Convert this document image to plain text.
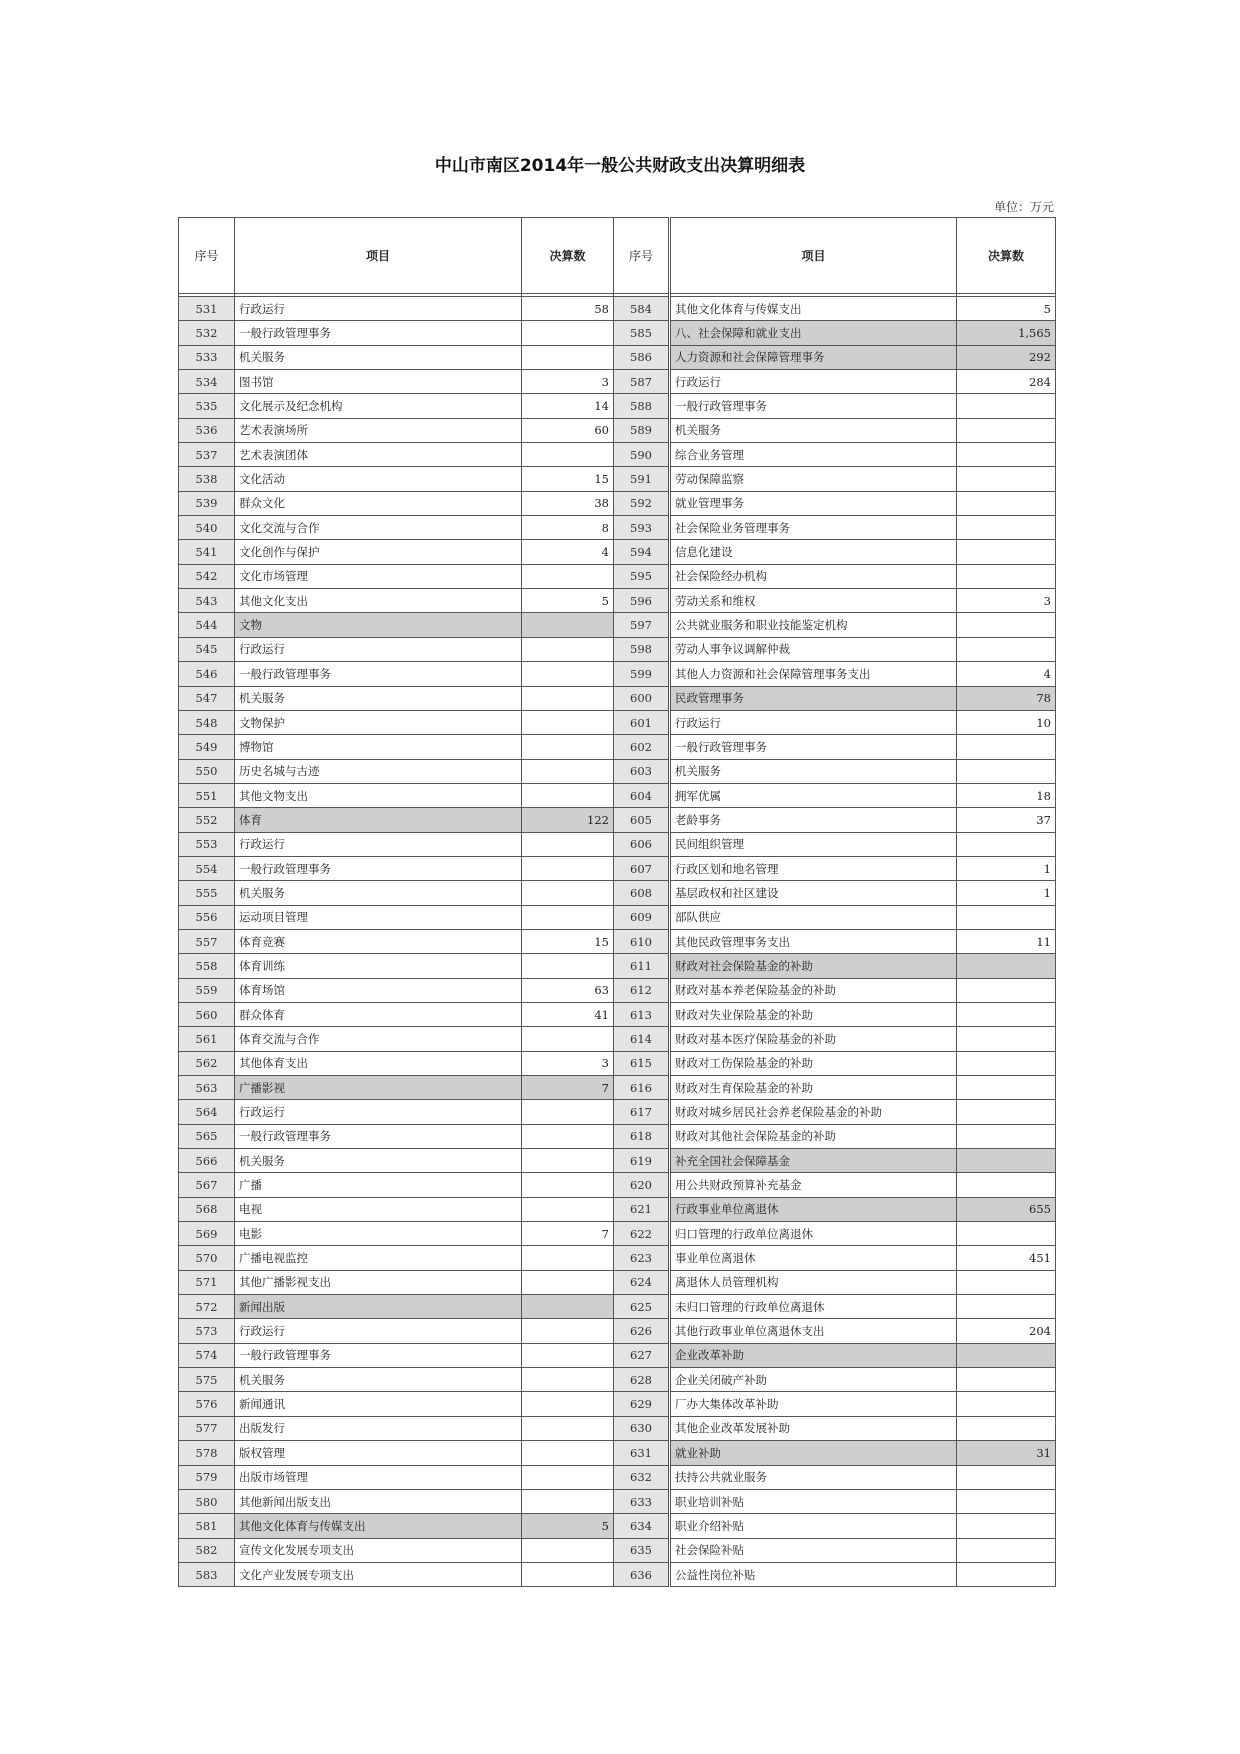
中山市南区2014年一般公共财政支出决算明细表
单位：万元
序号	项目	决算数	序号	项目	决算数

531	行政运行	58	584	其他文化体育与传媒支出	5
532	一般行政管理事务		585	八、社会保障和就业支出	1,565
533	机关服务		586	人力资源和社会保障管理事务	292
534	图书馆	3	587	行政运行	284
535	文化展示及纪念机构	14	588	一般行政管理事务	
536	艺术表演场所	60	589	机关服务	
537	艺术表演团体		590	综合业务管理	
538	文化活动	15	591	劳动保障监察	
539	群众文化	38	592	就业管理事务	
540	文化交流与合作	8	593	社会保险业务管理事务	
541	文化创作与保护	4	594	信息化建设	
542	文化市场管理		595	社会保险经办机构	
543	其他文化支出	5	596	劳动关系和维权	3
544	文物		597	公共就业服务和职业技能鉴定机构	
545	行政运行		598	劳动人事争议调解仲裁	
546	一般行政管理事务		599	其他人力资源和社会保障管理事务支出	4
547	机关服务		600	民政管理事务	78
548	文物保护		601	行政运行	10
549	博物馆		602	一般行政管理事务	
550	历史名城与古迹		603	机关服务	
551	其他文物支出		604	拥军优属	18
552	体育	122	605	老龄事务	37
553	行政运行		606	民间组织管理	
554	一般行政管理事务		607	行政区划和地名管理	1
555	机关服务		608	基层政权和社区建设	1
556	运动项目管理		609	部队供应	
557	体育竞赛	15	610	其他民政管理事务支出	11
558	体育训练		611	财政对社会保险基金的补助	
559	体育场馆	63	612	财政对基本养老保险基金的补助	
560	群众体育	41	613	财政对失业保险基金的补助	
561	体育交流与合作		614	财政对基本医疗保险基金的补助	
562	其他体育支出	3	615	财政对工伤保险基金的补助	
563	广播影视	7	616	财政对生育保险基金的补助	
564	行政运行		617	财政对城乡居民社会养老保险基金的补助	
565	一般行政管理事务		618	财政对其他社会保险基金的补助	
566	机关服务		619	补充全国社会保障基金	
567	广播		620	用公共财政预算补充基金	
568	电视		621	行政事业单位离退休	655
569	电影	7	622	归口管理的行政单位离退休	
570	广播电视监控		623	事业单位离退休	451
571	其他广播影视支出		624	离退休人员管理机构	
572	新闻出版		625	未归口管理的行政单位离退休	
573	行政运行		626	其他行政事业单位离退休支出	204
574	一般行政管理事务		627	企业改革补助	
575	机关服务		628	企业关闭破产补助	
576	新闻通讯		629	厂办大集体改革补助	
577	出版发行		630	其他企业改革发展补助	
578	版权管理		631	就业补助	31
579	出版市场管理		632	扶持公共就业服务	
580	其他新闻出版支出		633	职业培训补贴	
581	其他文化体育与传媒支出	5	634	职业介绍补贴	
582	宣传文化发展专项支出		635	社会保险补贴	
583	文化产业发展专项支出		636	公益性岗位补贴	
